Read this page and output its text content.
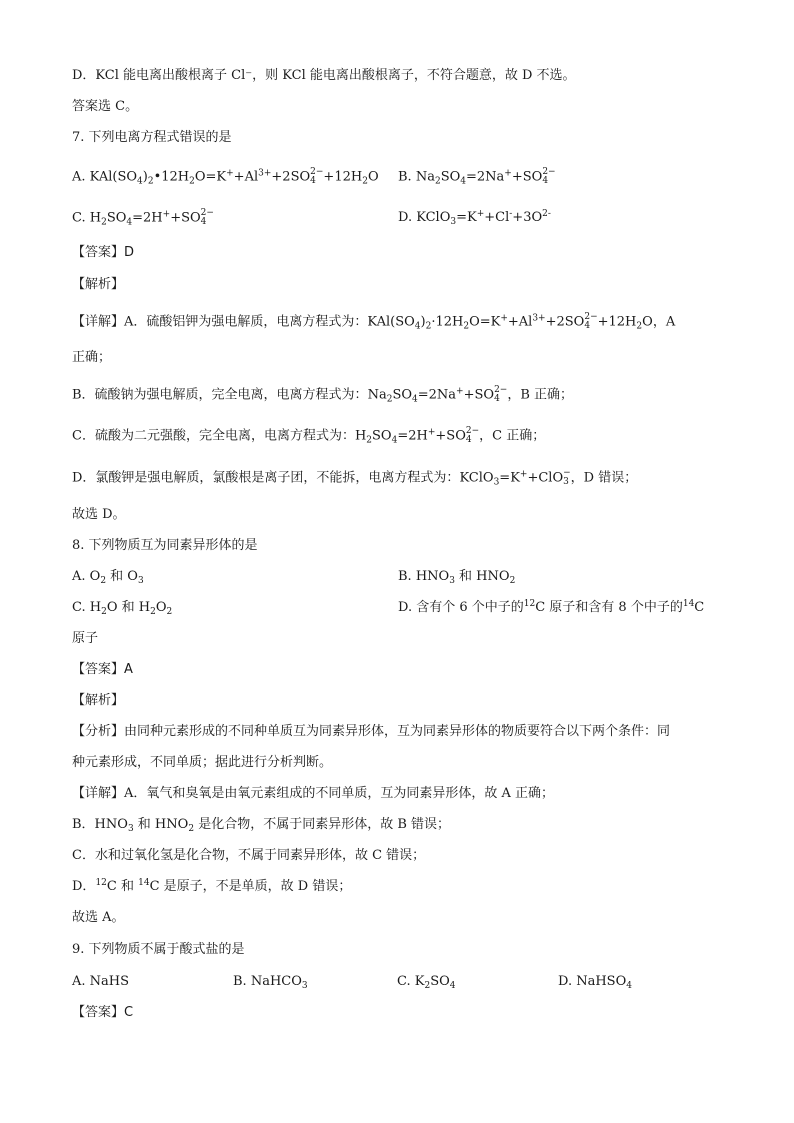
D．KCl 能电离出酸根离子 Cl⁻，则 KCl 能电离出酸根离子，不符合题意，故 D 不选。
答案选 C。
7. 下列电离方程式错误的是
A. $KAl(SO_4)_2•12H_2O=K^++Al^{3+}+2SO$ 2−
$4 +12H_2O$ B. $Na_2SO_4=2Na^++SO$ 2−
4
C. $H_2SO_4=2H^++SO$ 2−
4	D. $KClO_3=K^++Cl^-+3O^{2-}$
【答案】D
【解析】
【详解】A．硫酸铝钾为强电解质，电离方程式为：$KAl(SO_4)_2\cdot 12H_2O=K^++Al^{3+}+2SO$ 2−
$4 +12H_2O$，A
正确；
B．硫酸钠为强电解质，完全电离，电离方程式为：$Na_2SO_4=2Na^++SO$ 2−
4 ，B 正确；
C．硫酸为二元强酸，完全电离，电离方程式为：$H_2SO_4=2H^++SO$ 2−
4 ，C 正确；
D．氯酸钾是强电解质，氯酸根是离子团，不能拆，电离方程式为：KClO$_3$=K++ClO −
3 ，D 错误；
故选 D。
8. 下列物质互为同素异形体的是
A. $O_2$ 和 $O_3$	B. $HNO_3$ 和 $HNO_2$
C. $H_2O$ 和 $H_2O_2$	D. 含有个 6 个中子的$^{12}$C 原子和含有 8 个中子的$^{14}$C
原子
【答案】A
【解析】
【分析】由同种元素形成的不同种单质互为同素异形体，互为同素异形体的物质要符合以下两个条件：同
种元素形成，不同单质；据此进行分析判断。
【详解】A．氧气和臭氧是由氧元素组成的不同单质，互为同素异形体，故 A 正确；
B．$HNO_3$ 和 $HNO_2$ 是化合物，不属于同素异形体，故 B 错误；
C．水和过氧化氢是化合物，不属于同素异形体，故 C 错误；
D．$^{12}$C 和 $^{14}$C 是原子，不是单质，故 D 错误；
故选 A。
9. 下列物质不属于酸式盐的是
A. NaHS	B. NaHCO$_3$	C. $K_2SO_4$	D. NaHSO$_4$
【答案】C
